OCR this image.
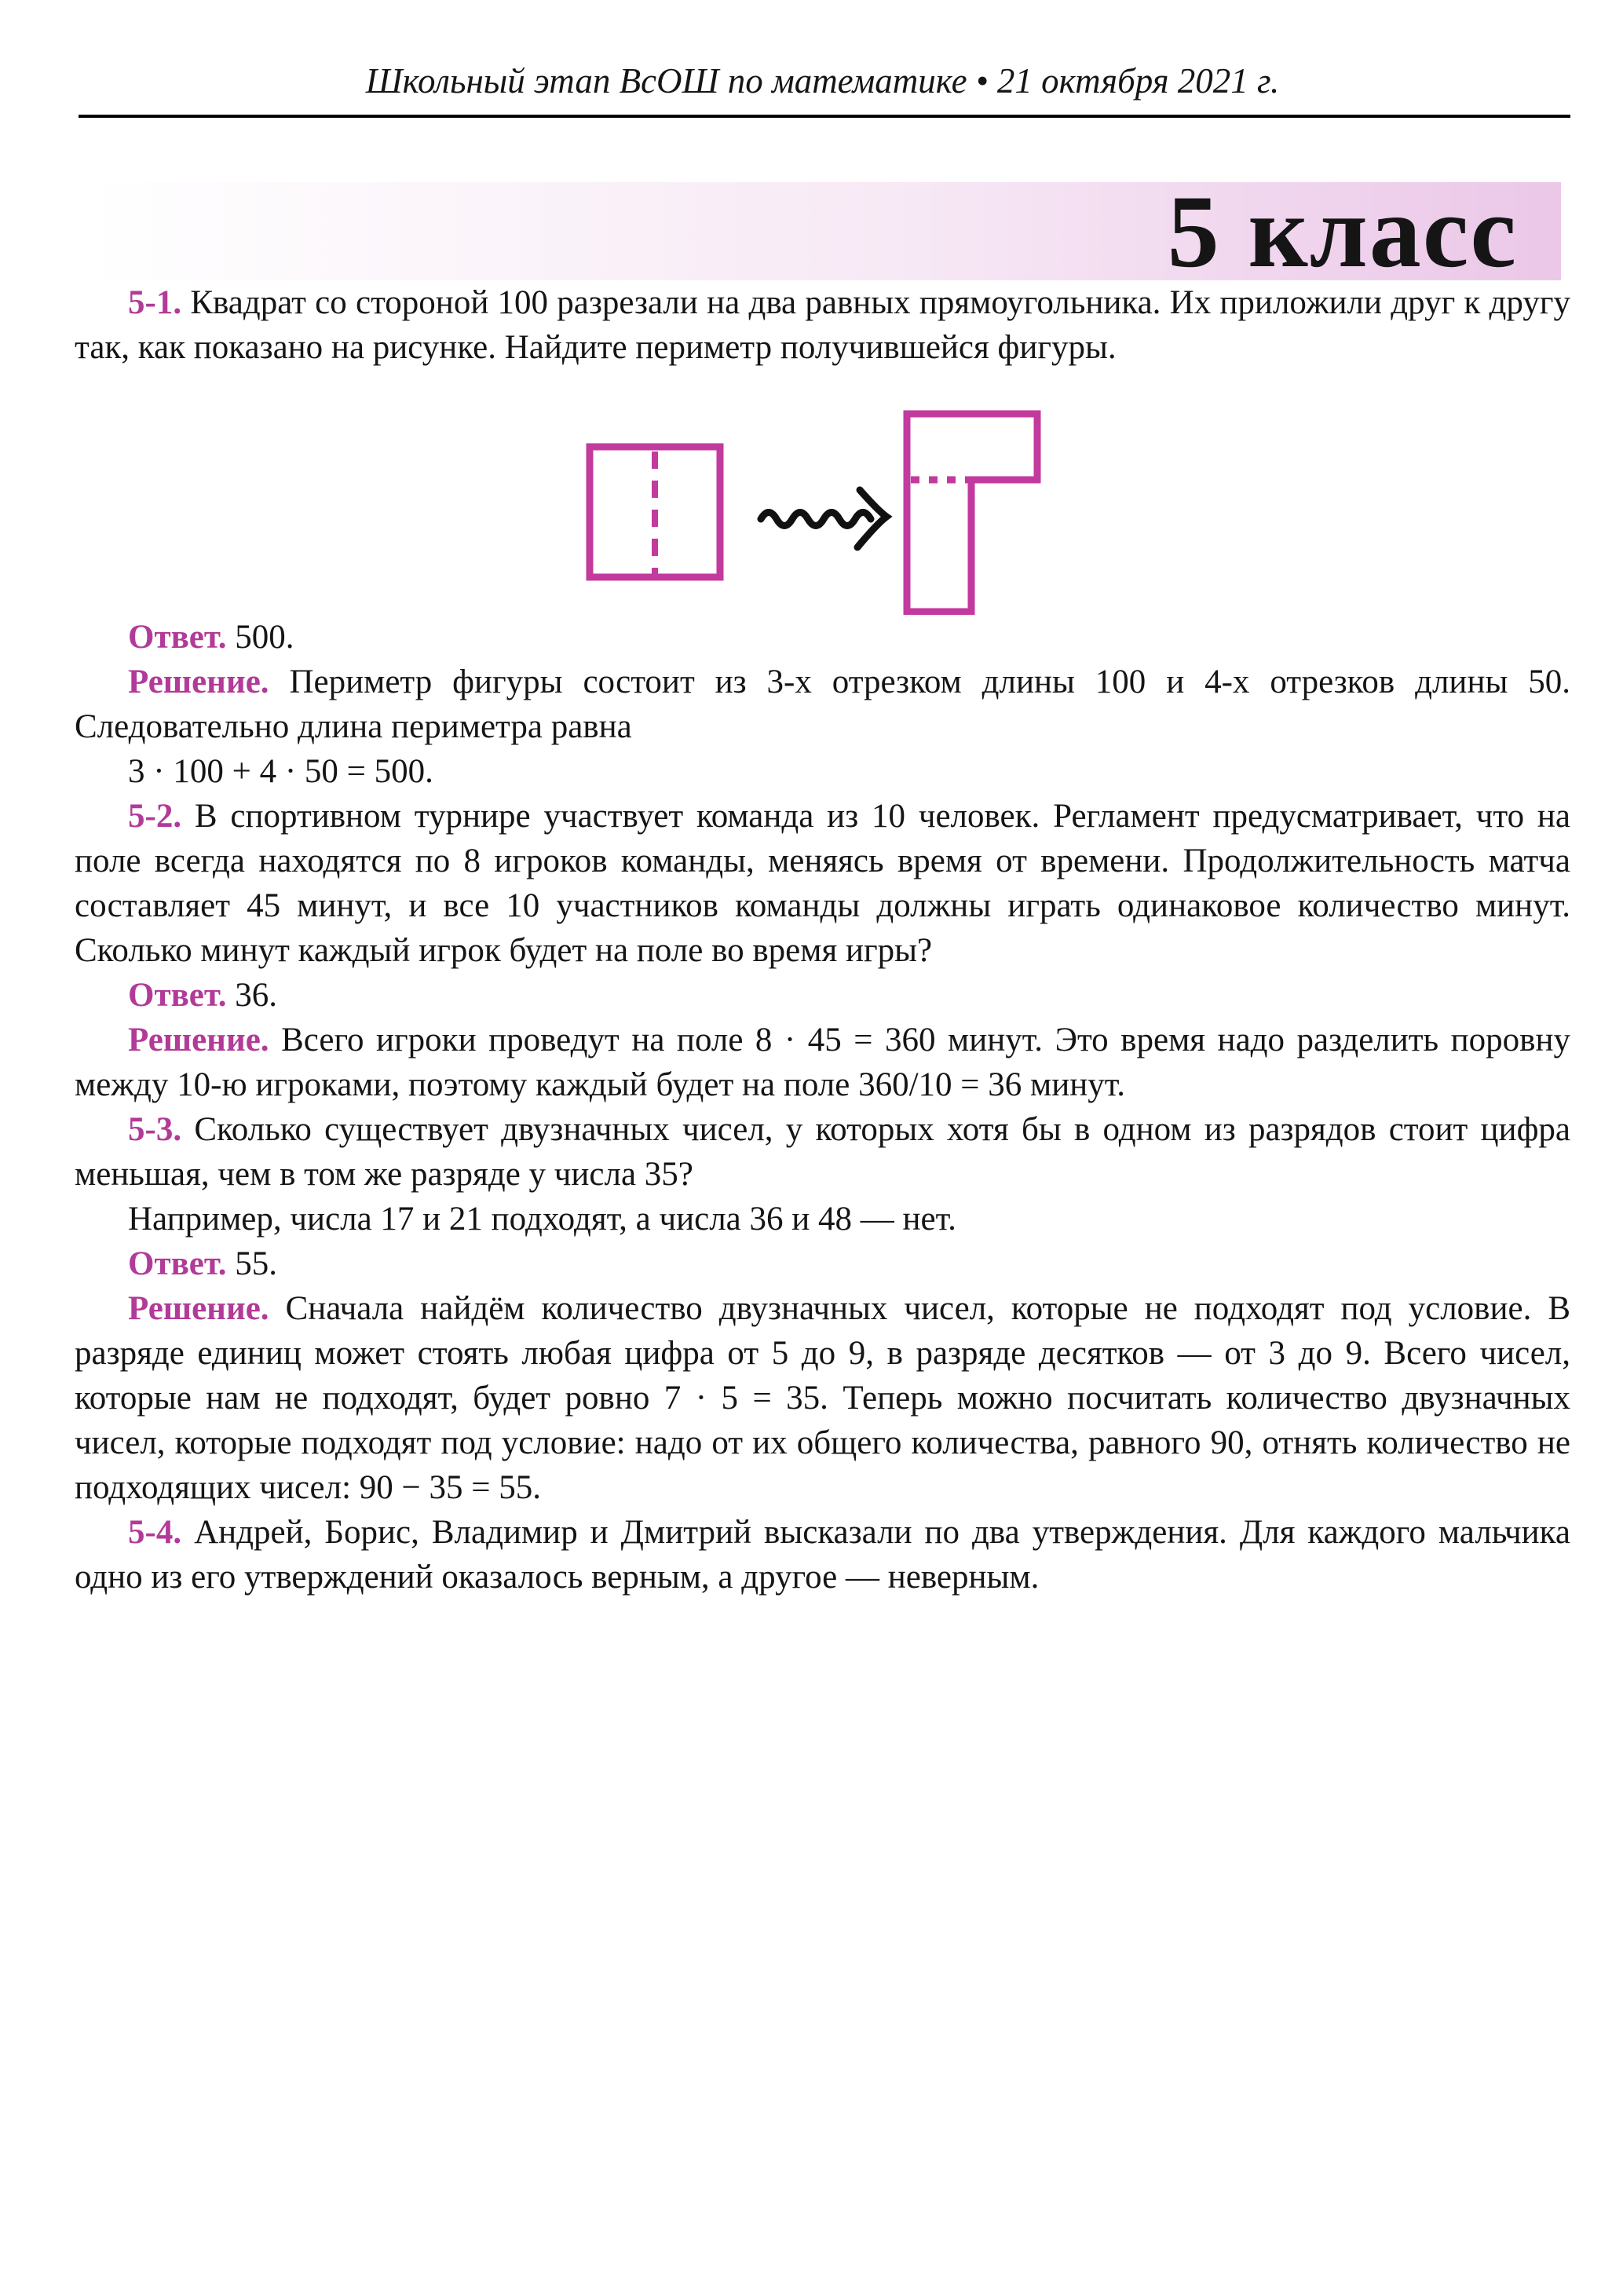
Школьный этап ВсОШ по математике • 21 октября 2021 г.
5 класс

5-1. Квадрат со стороной 100 разрезали на два равных прямоугольника. Их приложили друг к другу так, как показано на рисунке. Найдите периметр получившейся фигуры.

Ответ. 500.

Решение. Периметр фигуры состоит из 3-х отрезком длины 100 и 4-х отрезков длины 50. Следовательно длина периметра равна

3 · 100 + 4 · 50 = 500.

5-2. В спортивном турнире участвует команда из 10 человек. Регламент предусматривает, что на поле всегда находятся по 8 игроков команды, меняясь время от времени. Продолжительность матча составляет 45 минут, и все 10 участников команды должны играть одинаковое количество минут. Сколько минут каждый игрок будет на поле во время игры?

Ответ. 36.

Решение. Всего игроки проведут на поле 8 · 45 = 360 минут. Это время надо разделить поровну между 10-ю игроками, поэтому каждый будет на поле 360/10 = 36 минут.

5-3. Сколько существует двузначных чисел, у которых хотя бы в одном из разрядов стоит цифра меньшая, чем в том же разряде у числа 35?

Например, числа 17 и 21 подходят, а числа 36 и 48 — нет.

Ответ. 55.

Решение. Сначала найдём количество двузначных чисел, которые не подходят под условие. В разряде единиц может стоять любая цифра от 5 до 9, в разряде десятков — от 3 до 9. Всего чисел, которые нам не подходят, будет ровно 7 · 5 = 35. Теперь можно посчитать количество двузначных чисел, которые подходят под условие: надо от их общего количества, равного 90, отнять количество не подходящих чисел: 90 − 35 = 55.

5-4. Андрей, Борис, Владимир и Дмитрий высказали по два утверждения. Для каждого мальчика одно из его утверждений оказалось верным, а другое — неверным.
